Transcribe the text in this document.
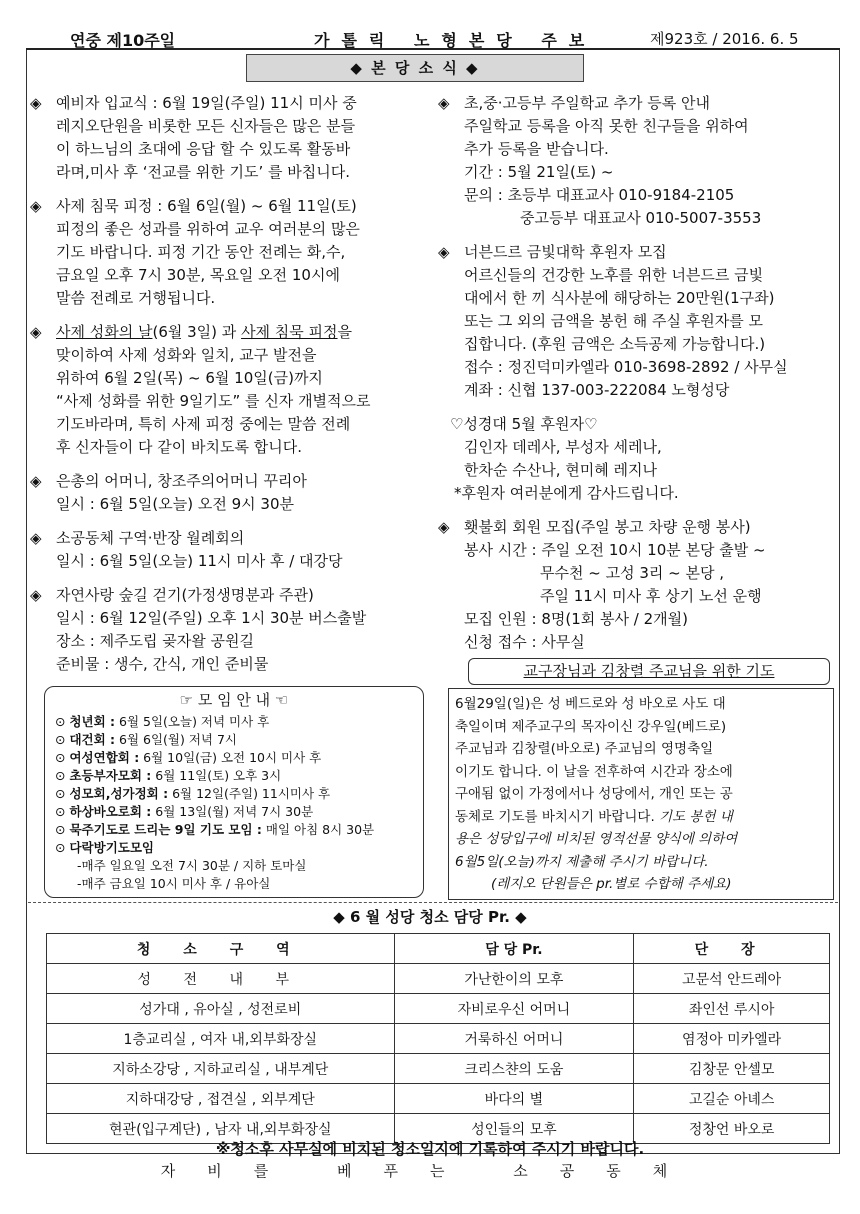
연중 제10주일	가톨릭 노형본당 주보	제923호 / 2016. 6. 5
◆ 본 당 소 식 ◆
◈ 예비자 입교식 : 6월 19일(주일) 11시 미사 중

레지오단원을 비롯한 모든 신자들은 많은 분들

이 하느님의 초대에 응답 할 수 있도록 활동바

라며,미사 후 ‘전교를 위한 기도’ 를 바칩니다.

◈ 사제 침묵 피정 : 6월 6일(월) ~ 6월 11일(토)

피정의 좋은 성과를 위하여 교우 여러분의 많은

기도 바랍니다. 피정 기간 동안 전례는 화,수,

금요일 오후 7시 30분, 목요일 오전 10시에

말씀 전례로 거행됩니다.

◈ 사제 성화의 날(6월 3일) 과 사제 침묵 피정을

맞이하여 사제 성화와 일치, 교구 발전을

위하여 6월 2일(목) ~ 6월 10일(금)까지

“사제 성화를 위한 9일기도” 를 신자 개별적으로

기도바라며, 특히 사제 피정 중에는 말씀 전례

후 신자들이 다 같이 바치도록 합니다.

◈ 은총의 어머니, 창조주의어머니 꾸리아

일시 : 6월 5일(오늘) 오전 9시 30분

◈ 소공동체 구역·반장 월례회의

일시 : 6월 5일(오늘) 11시 미사 후 / 대강당

◈ 자연사랑 숲길 걷기(가정생명분과 주관)

일시 : 6월 12일(주일) 오후 1시 30분 버스출발

장소 : 제주도립 곶자왈 공원길

준비물 : 생수, 간식, 개인 준비물

◈ 초,중·고등부 주일학교 추가 등록 안내

주일학교 등록을 아직 못한 친구들을 위하여

추가 등록을 받습니다.

기간 : 5월 21일(토) ~

문의 : 초등부 대표교사 010-9184-2105

중고등부 대표교사 010-5007-3553

◈ 너븐드르 금빛대학 후원자 모집

어르신들의 건강한 노후를 위한 너븐드르 금빛

대에서 한 끼 식사분에 해당하는 20만원(1구좌)

또는 그 외의 금액을 봉헌 해 주실 후원자를 모

집합니다. (후원 금액은 소득공제 가능합니다.)

접수 : 정진덕미카엘라 010-3698-2892 / 사무실

계좌 : 신협 137-003-222084 노형성당

♡성경대 5월 후원자♡

김인자 데레사, 부성자 세레나,

한차순 수산나, 현미혜 레지나

*후원자 여러분에게 감사드립니다.

◈ 횃불회 회원 모집(주일 봉고 차량 운행 봉사)

봉사 시간 : 주일 오전 10시 10분 본당 출발 ~

무수천 ~ 고성 3리 ~ 본당 ,

주일 11시 미사 후 상기 노선 운행

모집 인원 : 8명(1회 봉사 / 2개월)

신청 접수 : 사무실

☞ 모 임 안 내 ☜
⊙ 청년회 : 6월 5일(오늘) 저녁 미사 후
⊙ 대건회 : 6월 6일(월) 저녁 7시
⊙ 여성연합회 : 6월 10일(금) 오전 10시 미사 후
⊙ 초등부자모회 : 6월 11일(토) 오후 3시
⊙ 성모회,성가정회 : 6월 12일(주일) 11시미사 후
⊙ 하상바오로회 : 6월 13일(월) 저녁 7시 30분
⊙ 묵주기도로 드리는 9일 기도 모임 : 매일 아침 8시 30분
⊙ 다락방기도모임
-매주 일요일 오전 7시 30분 / 지하 토마실
-매주 금요일 10시 미사 후 / 유아실
교구장님과 김창렬 주교님을 위한 기도

6월29일(일)은 성 베드로와 성 바오로 사도 대

축일이며 제주교구의 목자이신 강우일(베드로)

주교님과 김창렬(바오로) 주교님의 영명축일

이기도 합니다. 이 날을 전후하여 시간과 장소에

구애됨 없이 가정에서나 성당에서, 개인 또는 공

동체로 기도를 바치시기 바랍니다. 기도 봉헌 내

용은 성당입구에 비치된 영적선물 양식에 의하여

6월5일(오늘)까지 제출해 주시기 바랍니다.

(레지오 단원들은 pr.별로 수합해 주세요)

◆ 6 월 성당 청소 담당 Pr. ◆
청 소 구 역	담 당 Pr.	단 장
성 전 내 부	가난한이의 모후	고문석 안드레아
성가대 , 유아실 , 성전로비	자비로우신 어머니	좌인선 루시아
1층교리실 , 여자 내,외부화장실	거룩하신 어머니	염정아 미카엘라
지하소강당 , 지하교리실 , 내부계단	크리스챤의 도움	김창문 안셀모
지하대강당 , 접견실 , 외부계단	바다의 별	고길순 아녜스
현관(입구계단) , 남자 내,외부화장실	성인들의 모후	정창언 바오로
※청소후 사무실에 비치된 청소일지에 기록하여 주시기 바랍니다.
자비를 베푸는 소공동체
